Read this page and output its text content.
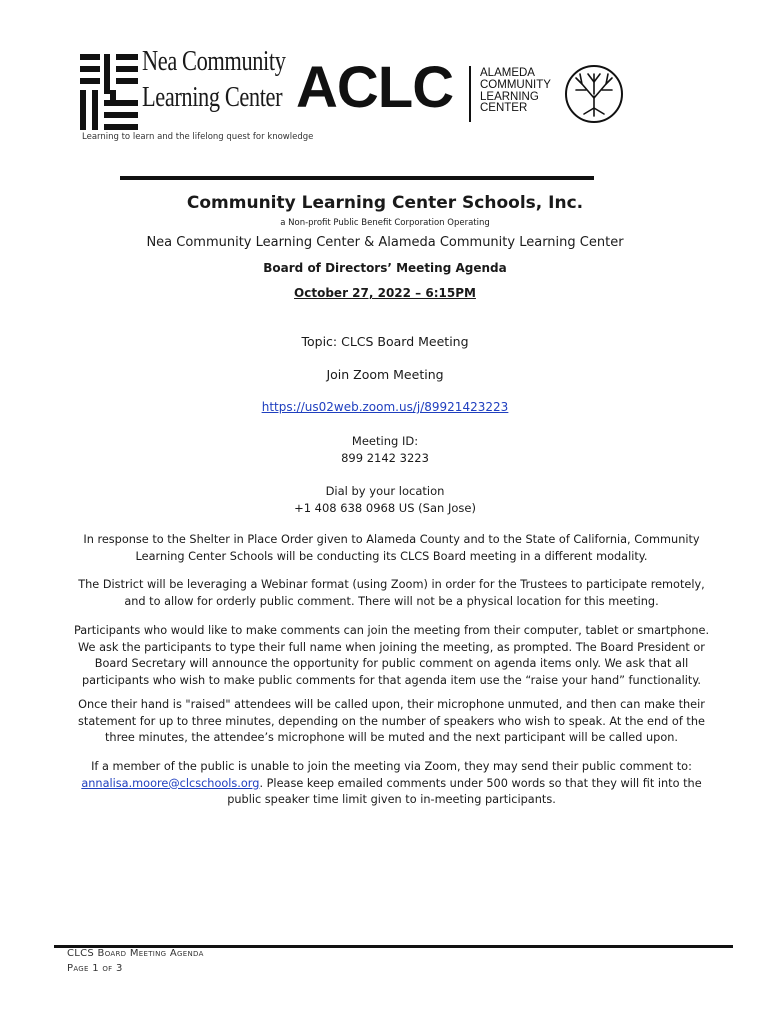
Nea Community
Learning Center
Learning to learn and the lifelong quest for knowledge
ACLC ALAMEDA
COMMUNITY
LEARNING
CENTER
Community Learning Center Schools, Inc.
a Non-profit Public Benefit Corporation Operating
Nea Community Learning Center & Alameda Community Learning Center
Board of Directors’ Meeting Agenda
October 27, 2022 – 6:15PM
Topic: CLCS Board Meeting
Join Zoom Meeting
https://us02web.zoom.us/j/89921423223
Meeting ID:
899 2142 3223
Dial by your location
+1 408 638 0968 US (San Jose)
In response to the Shelter in Place Order given to Alameda County and to the State of California, Community Learning Center Schools will be conducting its CLCS Board meeting in a different modality.
The District will be leveraging a Webinar format (using Zoom) in order for the Trustees to participate remotely, and to allow for orderly public comment. There will not be a physical location for this meeting.
Participants who would like to make comments can join the meeting from their computer, tablet or smartphone. We ask the participants to type their full name when joining the meeting, as prompted. The Board President or Board Secretary will announce the opportunity for public comment on agenda items only. We ask that all participants who wish to make public comments for that agenda item use the “raise your hand” functionality.
Once their hand is "raised" attendees will be called upon, their microphone unmuted, and then can make their statement for up to three minutes, depending on the number of speakers who wish to speak. At the end of the three minutes, the attendee’s microphone will be muted and the next participant will be called upon.
If a member of the public is unable to join the meeting via Zoom, they may send their public comment to: annalisa.moore@clcschools.org. Please keep emailed comments under 500 words so that they will fit into the public speaker time limit given to in-meeting participants.
CLCS Board Meeting Agenda
Page 1 of 3
